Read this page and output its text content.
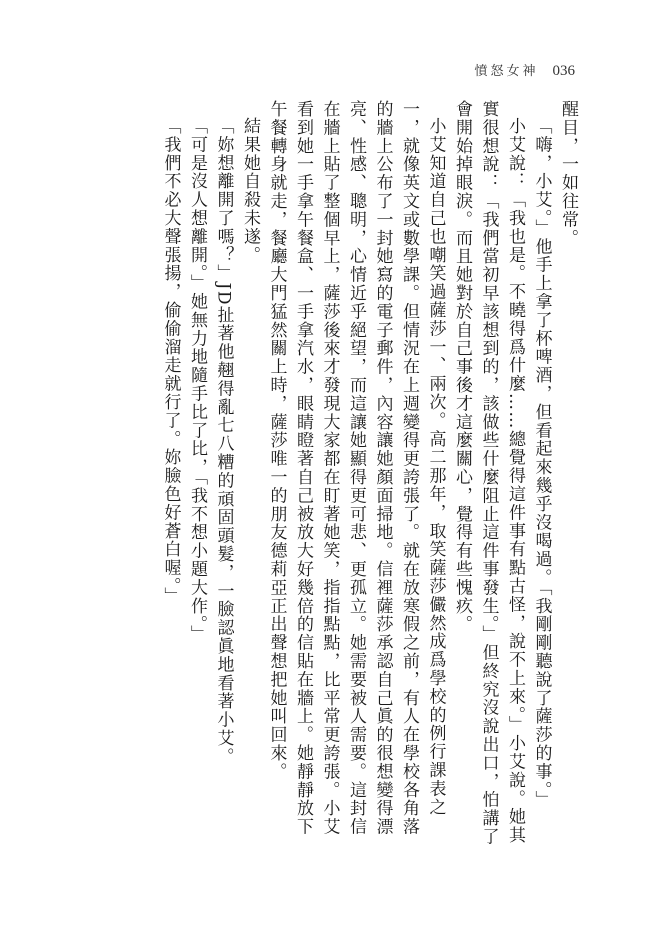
憤怒女神 036

醒目，一如往常。

「嗨，小艾。」他手上拿了杯啤酒，但看起來幾乎沒喝過。「我剛剛聽說了薩莎的事。」

小艾說：「我也是。不曉得爲什麼……總覺得這件事有點古怪，說不上來。」小艾說。她其實很想說：「我們當初早該想到的，該做些什麼阻止這件事發生。」但終究沒說出口，怕講了會開始掉眼淚。而且她對於自己事後才這麼關心，覺得有些愧疚。

小艾知道自己也嘲笑過薩莎一、兩次。高二那年，取笑薩莎儼然成爲學校的例行課表之一，就像英文或數學課。但情況在上週變得更誇張了。就在放寒假之前，有人在學校各角落的牆上公布了一封她寫的電子郵件，內容讓她顏面掃地。信裡薩莎承認自己眞的很想變得漂亮、性感、聰明，心情近乎絕望，而這讓她顯得更可悲、更孤立。她需要被人需要。這封信在牆上貼了整個早上，薩莎後來才發現大家都在盯著她笑，指指點點，比平常更誇張。小艾看到她一手拿午餐盒、一手拿汽水，眼睛瞪著自己被放大好幾倍的信貼在牆上。她靜靜放下午餐轉身就走，餐廳大門猛然關上時，薩莎唯一的朋友德莉亞正出聲想把她叫回來。

結果她自殺未遂。

「妳想離開了嗎？」JD扯著他翹得亂七八糟的頑固頭髮，一臉認眞地看著小艾。

「可是沒人想離開。」她無力地隨手比了比，「我不想小題大作。」

「我們不必大聲張揚，偷偷溜走就行了。妳臉色好蒼白喔。」
